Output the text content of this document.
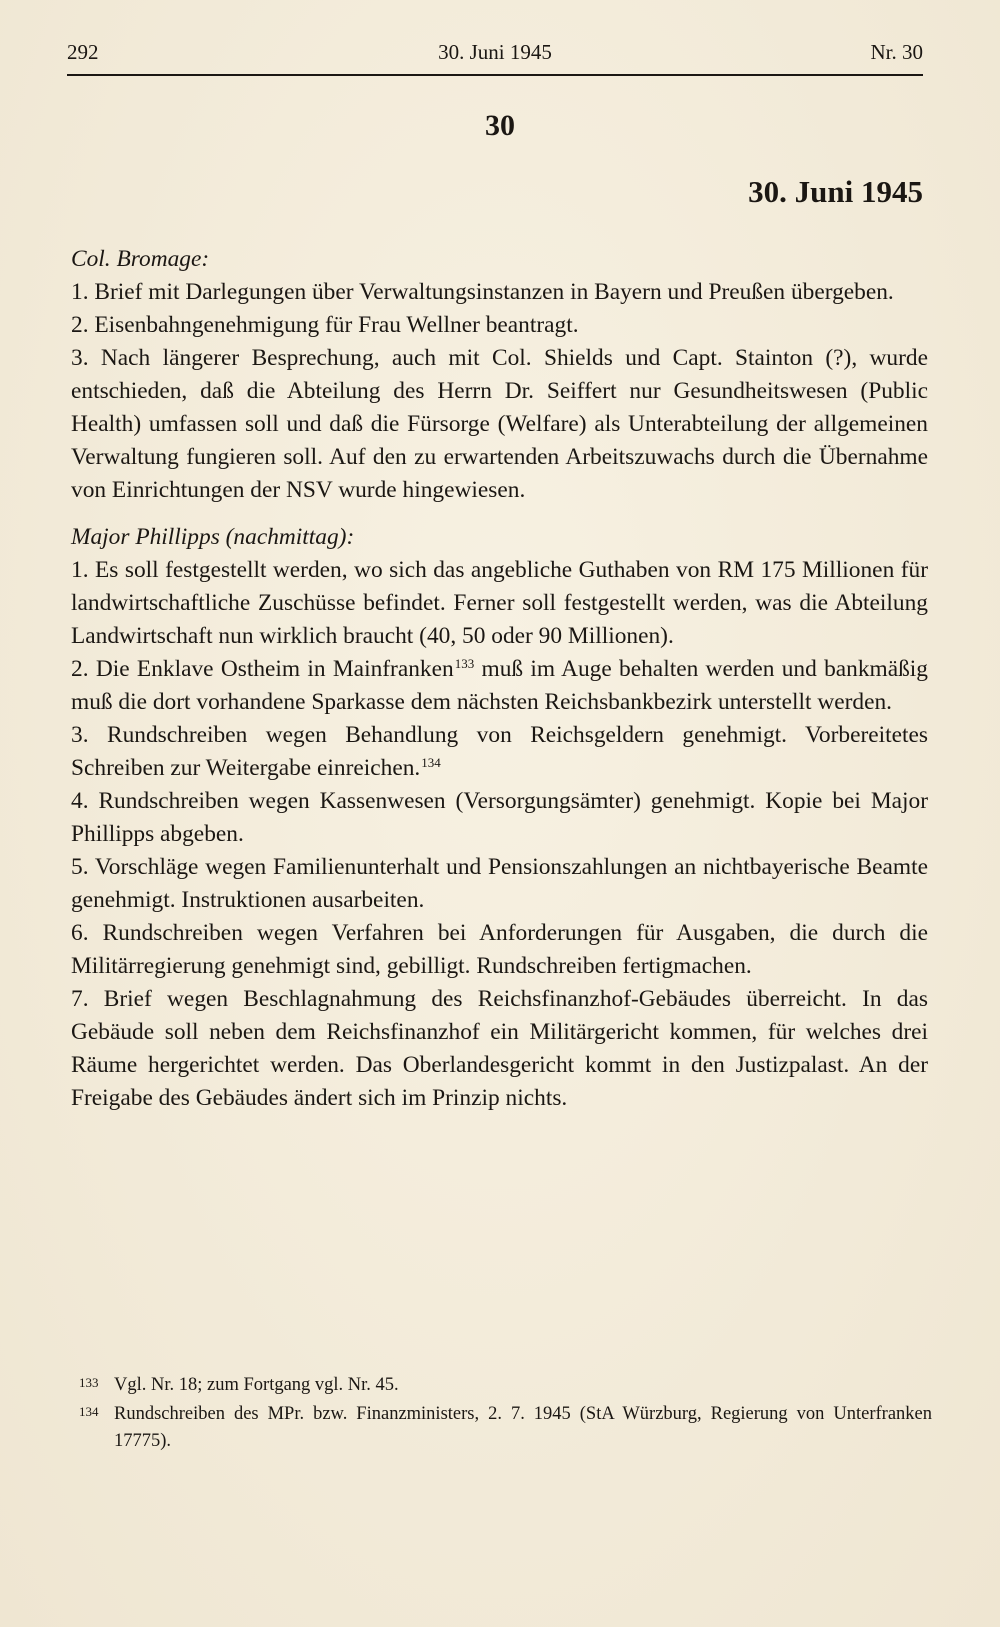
292	30. Juni 1945	Nr. 30
30
30. Juni 1945

Col. Bromage:

1. Brief mit Darlegungen über Verwaltungsinstanzen in Bayern und Preußen übergeben.

2. Eisenbahngenehmigung für Frau Wellner beantragt.

3. Nach längerer Besprechung, auch mit Col. Shields und Capt. Stainton (?), wurde entschieden, daß die Abteilung des Herrn Dr. Seiffert nur Gesundheitswesen (Public Health) umfassen soll und daß die Fürsorge (Welfare) als Unterabteilung der allgemeinen Verwaltung fungieren soll. Auf den zu erwartenden Arbeitszuwachs durch die Übernahme von Einrichtungen der NSV wurde hingewiesen.

Major Phillipps (nachmittag):

1. Es soll festgestellt werden, wo sich das angebliche Guthaben von RM 175 Millionen für landwirtschaftliche Zuschüsse befindet. Ferner soll festgestellt werden, was die Abteilung Landwirtschaft nun wirklich braucht (40, 50 oder 90 Millionen).

2. Die Enklave Ostheim in Mainfranken$^{133}$ muß im Auge behalten werden und bankmäßig muß die dort vorhandene Sparkasse dem nächsten Reichsbankbezirk unterstellt werden.

3. Rundschreiben wegen Behandlung von Reichsgeldern genehmigt. Vorbereitetes Schreiben zur Weitergabe einreichen.$^{134}$

4. Rundschreiben wegen Kassenwesen (Versorgungsämter) genehmigt. Kopie bei Major Phillipps abgeben.

5. Vorschläge wegen Familienunterhalt und Pensionszahlungen an nichtbayerische Beamte genehmigt. Instruktionen ausarbeiten.

6. Rundschreiben wegen Verfahren bei Anforderungen für Ausgaben, die durch die Militärregierung genehmigt sind, gebilligt. Rundschreiben fertigmachen.

7. Brief wegen Beschlagnahmung des Reichsfinanzhof-Gebäudes überreicht. In das Gebäude soll neben dem Reichsfinanzhof ein Militärgericht kommen, für welches drei Räume hergerichtet werden. Das Oberlandesgericht kommt in den Justizpalast. An der Freigabe des Gebäudes ändert sich im Prinzip nichts.

133 Vgl. Nr. 18; zum Fortgang vgl. Nr. 45.

134 Rundschreiben des MPr. bzw. Finanzministers, 2. 7. 1945 (StA Würzburg, Regierung von Unterfranken 17775).
